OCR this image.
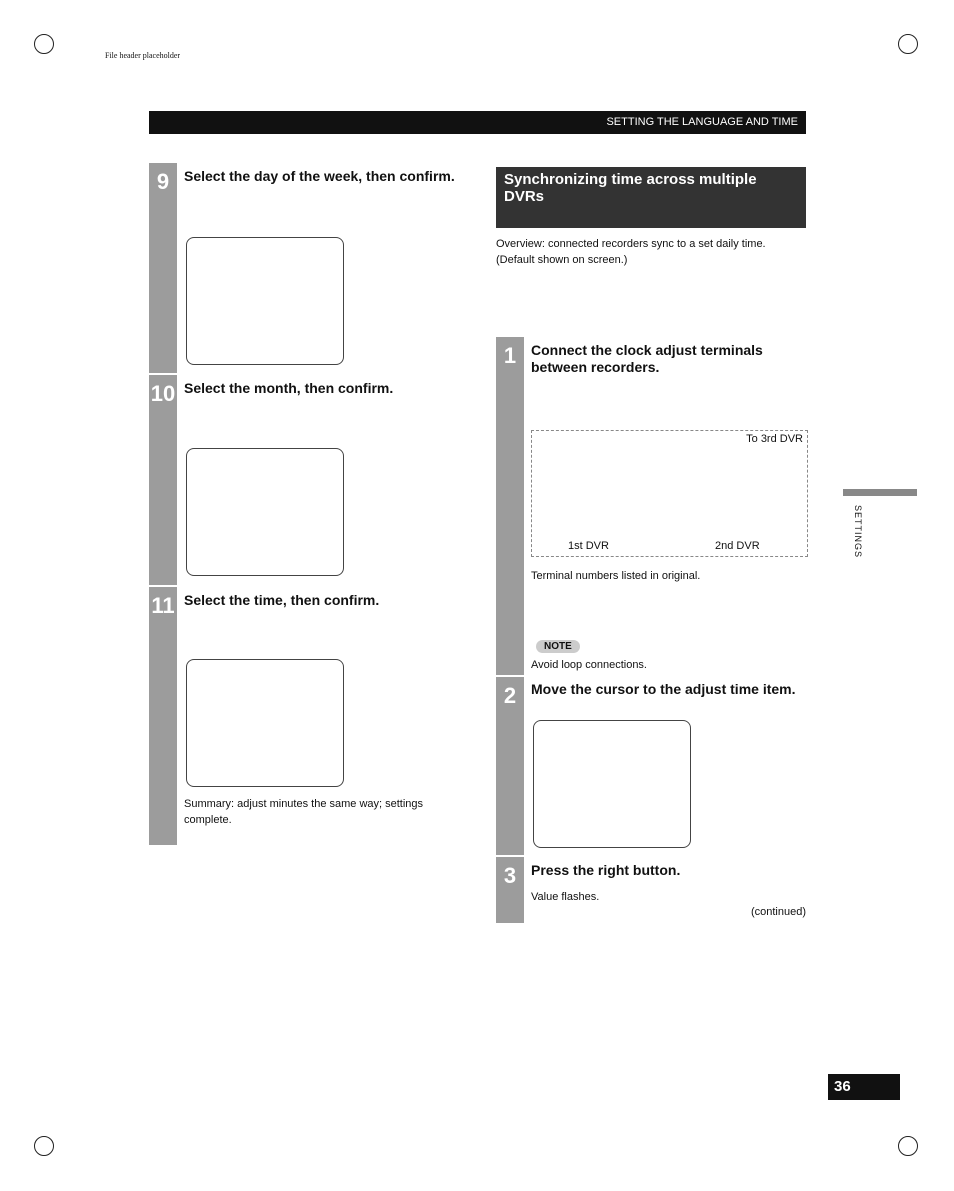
File header placeholder
SETTING THE LANGUAGE AND TIME
9	Select the day of the week, then confirm.
10 Select the month, then confirm.
11 Select the time, then confirm.
Summary: adjust minutes the same way; settings complete.
Synchronizing time across multiple DVRs
Overview: connected recorders sync to a set daily time. (Default shown on screen.)
1	Connect the clock adjust terminals between recorders.
To 3rd DVR
1st DVR	2nd DVR
Terminal numbers listed in original.
NOTE
Avoid loop connections.
2	Move the cursor to the adjust time item.
3	Press the right button.
Value flashes.
(continued)
SETTINGS
36
